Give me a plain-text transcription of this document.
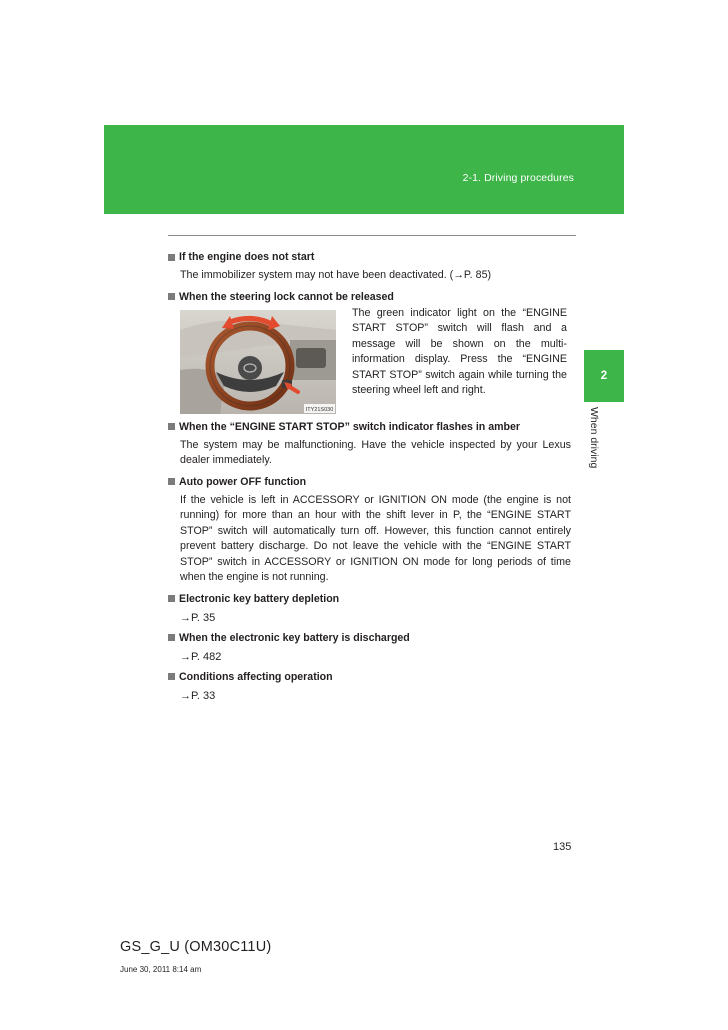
2-1. Driving procedures

2

When driving

If the engine does not start

The immobilizer system may not have been deactivated. (→P. 85)

When the steering lock cannot be released
ITY21S030

The green indicator light on the “ENGINE START STOP” switch will flash and a message will be shown on the multi-information display. Press the “ENGINE START STOP” switch again while turning the steering wheel left and right.

When the “ENGINE START STOP” switch indicator flashes in amber

The system may be malfunctioning. Have the vehicle inspected by your Lexus dealer immediately.

Auto power OFF function

If the vehicle is left in ACCESSORY or IGNITION ON mode (the engine is not running) for more than an hour with the shift lever in P, the “ENGINE START STOP” switch will automatically turn off. However, this function cannot entirely prevent battery discharge. Do not leave the vehicle with the “ENGINE START STOP” switch in ACCESSORY or IGNITION ON mode for long periods of time when the engine is not running.

Electronic key battery depletion

→P. 35

When the electronic key battery is discharged

→P. 482

Conditions affecting operation

→P. 33

135

GS_G_U (OM30C11U)

June 30, 2011 8:14 am
